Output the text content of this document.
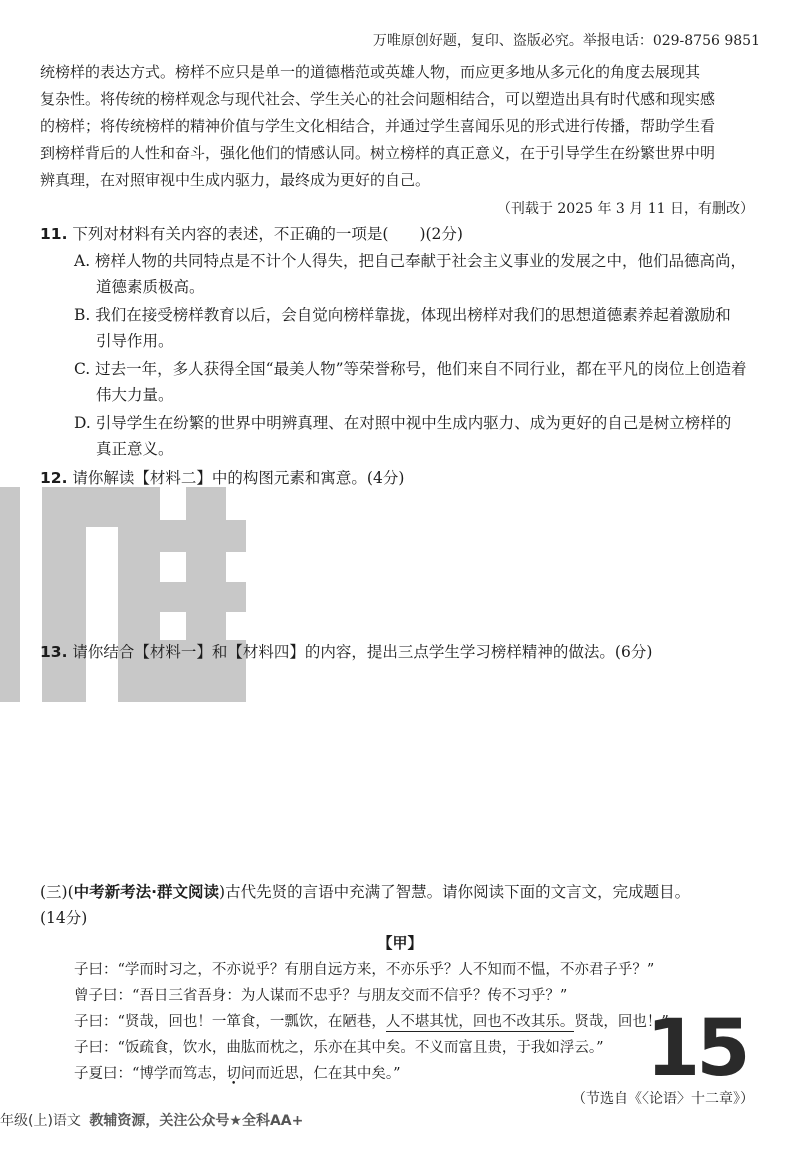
万唯原创好题，复印、盗版必究。举报电话：029-8756 9851
统榜样的表达方式。榜样不应只是单一的道德楷范或英雄人物，而应更多地从多元化的角度去展现其
复杂性。将传统的榜样观念与现代社会、学生关心的社会问题相结合，可以塑造出具有时代感和现实感
的榜样；将传统榜样的精神价值与学生文化相结合，并通过学生喜闻乐见的形式进行传播，帮助学生看
到榜样背后的人性和奋斗，强化他们的情感认同。树立榜样的真正意义，在于引导学生在纷繁世界中明
辨真理，在对照审视中生成内驱力，最终成为更好的自己。
（刊载于 2025 年 3 月 11 日，有删改）
11. 下列对材料有关内容的表述，不正确的一项是(　　)(2分)
A. 榜样人物的共同特点是不计个人得失，把自己奉献于社会主义事业的发展之中，他们品德高尚，
道德素质极高。
B. 我们在接受榜样教育以后，会自觉向榜样靠拢，体现出榜样对我们的思想道德素养起着激励和
引导作用。
C. 过去一年，多人获得全国“最美人物”等荣誉称号，他们来自不同行业，都在平凡的岗位上创造着
伟大力量。
D. 引导学生在纷繁的世界中明辨真理、在对照中视中生成内驱力、成为更好的自己是树立榜样的
真正意义。
12. 请你解读【材料二】中的构图元素和寓意。(4分)
13. 请你结合【材料一】和【材料四】的内容，提出三点学生学习榜样精神的做法。(6分)
(三)(中考新考法·群文阅读)古代先贤的言语中充满了智慧。请你阅读下面的文言文，完成题目。
(14分)
【甲】
子曰：“学而时习之，不亦说乎？有朋自远方来，不亦乐乎？人不知而不愠，不亦君子乎？”
曾子曰：“吾日三省吾身：为人谋而不忠乎？与朋友交而不信乎？传不习乎？”
子曰：“贤哉，回也！一箪食，一瓢饮，在陋巷，人不堪其忧，回也不改其乐。贤哉，回也！”
子曰：“饭疏食，饮水，曲肱而枕之，乐亦在其中矣。不义而富且贵，于我如浮云。”
子夏曰：“博学而笃志，切问而近思，仁在其中矣。”
（节选自《〈论语〉十二章》）
15
年级(上)语文 教辅资源，关注公众号★全科AA+
